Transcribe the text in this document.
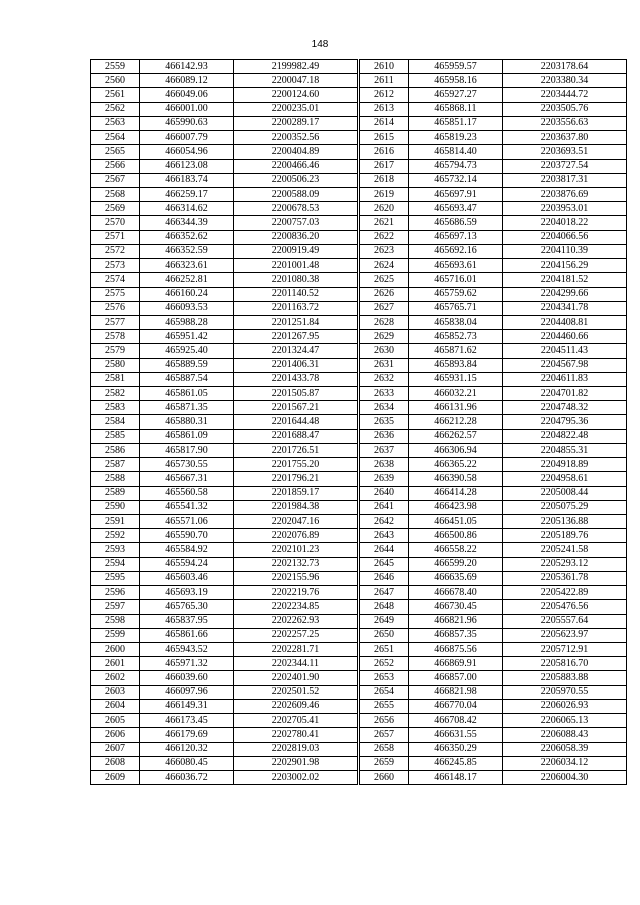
148
2559	466142.93	2199982.49
2560	466089.12	2200047.18
2561	466049.06	2200124.60
2562	466001.00	2200235.01
2563	465990.63	2200289.17
2564	466007.79	2200352.56
2565	466054.96	2200404.89
2566	466123.08	2200466.46
2567	466183.74	2200506.23
2568	466259.17	2200588.09
2569	466314.62	2200678.53
2570	466344.39	2200757.03
2571	466352.62	2200836.20
2572	466352.59	2200919.49
2573	466323.61	2201001.48
2574	466252.81	2201080.38
2575	466160.24	2201140.52
2576	466093.53	2201163.72
2577	465988.28	2201251.84
2578	465951.42	2201267.95
2579	465925.40	2201324.47
2580	465889.59	2201406.31
2581	465887.54	2201433.78
2582	465861.05	2201505.87
2583	465871.35	2201567.21
2584	465880.31	2201644.48
2585	465861.09	2201688.47
2586	465817.90	2201726.51
2587	465730.55	2201755.20
2588	465667.31	2201796.21
2589	465560.58	2201859.17
2590	465541.32	2201984.38
2591	465571.06	2202047.16
2592	465590.70	2202076.89
2593	465584.92	2202101.23
2594	465594.24	2202132.73
2595	465603.46	2202155.96
2596	465693.19	2202219.76
2597	465765.30	2202234.85
2598	465837.95	2202262.93
2599	465861.66	2202257.25
2600	465943.52	2202281.71
2601	465971.32	2202344.11
2602	466039.60	2202401.90
2603	466097.96	2202501.52
2604	466149.31	2202609.46
2605	466173.45	2202705.41
2606	466179.69	2202780.41
2607	466120.32	2202819.03
2608	466080.45	2202901.98
2609	466036.72	2203002.02
2610	465959.57	2203178.64
2611	465958.16	2203380.34
2612	465927.27	2203444.72
2613	465868.11	2203505.76
2614	465851.17	2203556.63
2615	465819.23	2203637.80
2616	465814.40	2203693.51
2617	465794.73	2203727.54
2618	465732.14	2203817.31
2619	465697.91	2203876.69
2620	465693.47	2203953.01
2621	465686.59	2204018.22
2622	465697.13	2204066.56
2623	465692.16	2204110.39
2624	465693.61	2204156.29
2625	465716.01	2204181.52
2626	465759.62	2204299.66
2627	465765.71	2204341.78
2628	465838.04	2204408.81
2629	465852.73	2204460.66
2630	465871.62	2204511.43
2631	465893.84	2204567.98
2632	465931.15	2204611.83
2633	466032.21	2204701.82
2634	466131.96	2204748.32
2635	466212.28	2204795.36
2636	466262.57	2204822.48
2637	466306.94	2204855.31
2638	466365.22	2204918.89
2639	466390.58	2204958.61
2640	466414.28	2205008.44
2641	466423.98	2205075.29
2642	466451.05	2205136.88
2643	466500.86	2205189.76
2644	466558.22	2205241.58
2645	466599.20	2205293.12
2646	466635.69	2205361.78
2647	466678.40	2205422.89
2648	466730.45	2205476.56
2649	466821.96	2205557.64
2650	466857.35	2205623.97
2651	466875.56	2205712.91
2652	466869.91	2205816.70
2653	466857.00	2205883.88
2654	466821.98	2205970.55
2655	466770.04	2206026.93
2656	466708.42	2206065.13
2657	466631.55	2206088.43
2658	466350.29	2206058.39
2659	466245.85	2206034.12
2660	466148.17	2206004.30
